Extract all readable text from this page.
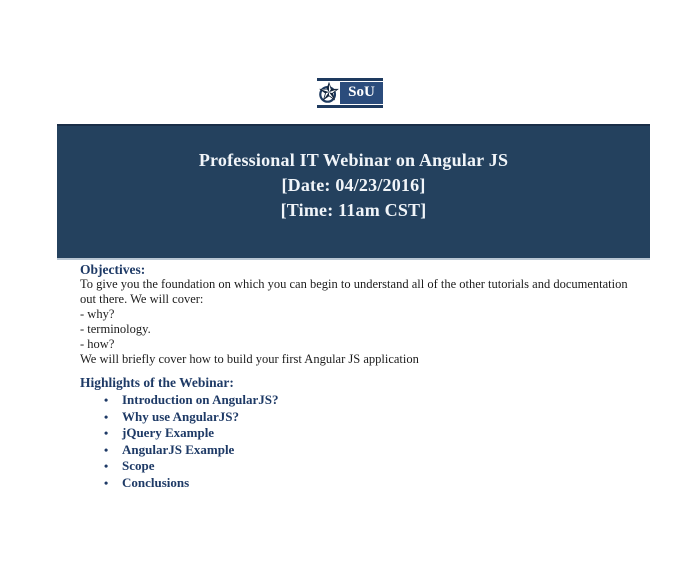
SoU
Professional IT Webinar on Angular JS
[Date: 04/23/2016]
[Time: 11am CST]
Objectives:
To give you the foundation on which you can begin to understand all of the other tutorials and documentation
out there. We will cover:
- why?
- terminology.
- how?
We will briefly cover how to build your first Angular JS application
Highlights of the Webinar:
•	Introduction on AngularJS?
•	Why use AngularJS?
•	jQuery Example
•	AngularJS Example
•	Scope
•	Conclusions
